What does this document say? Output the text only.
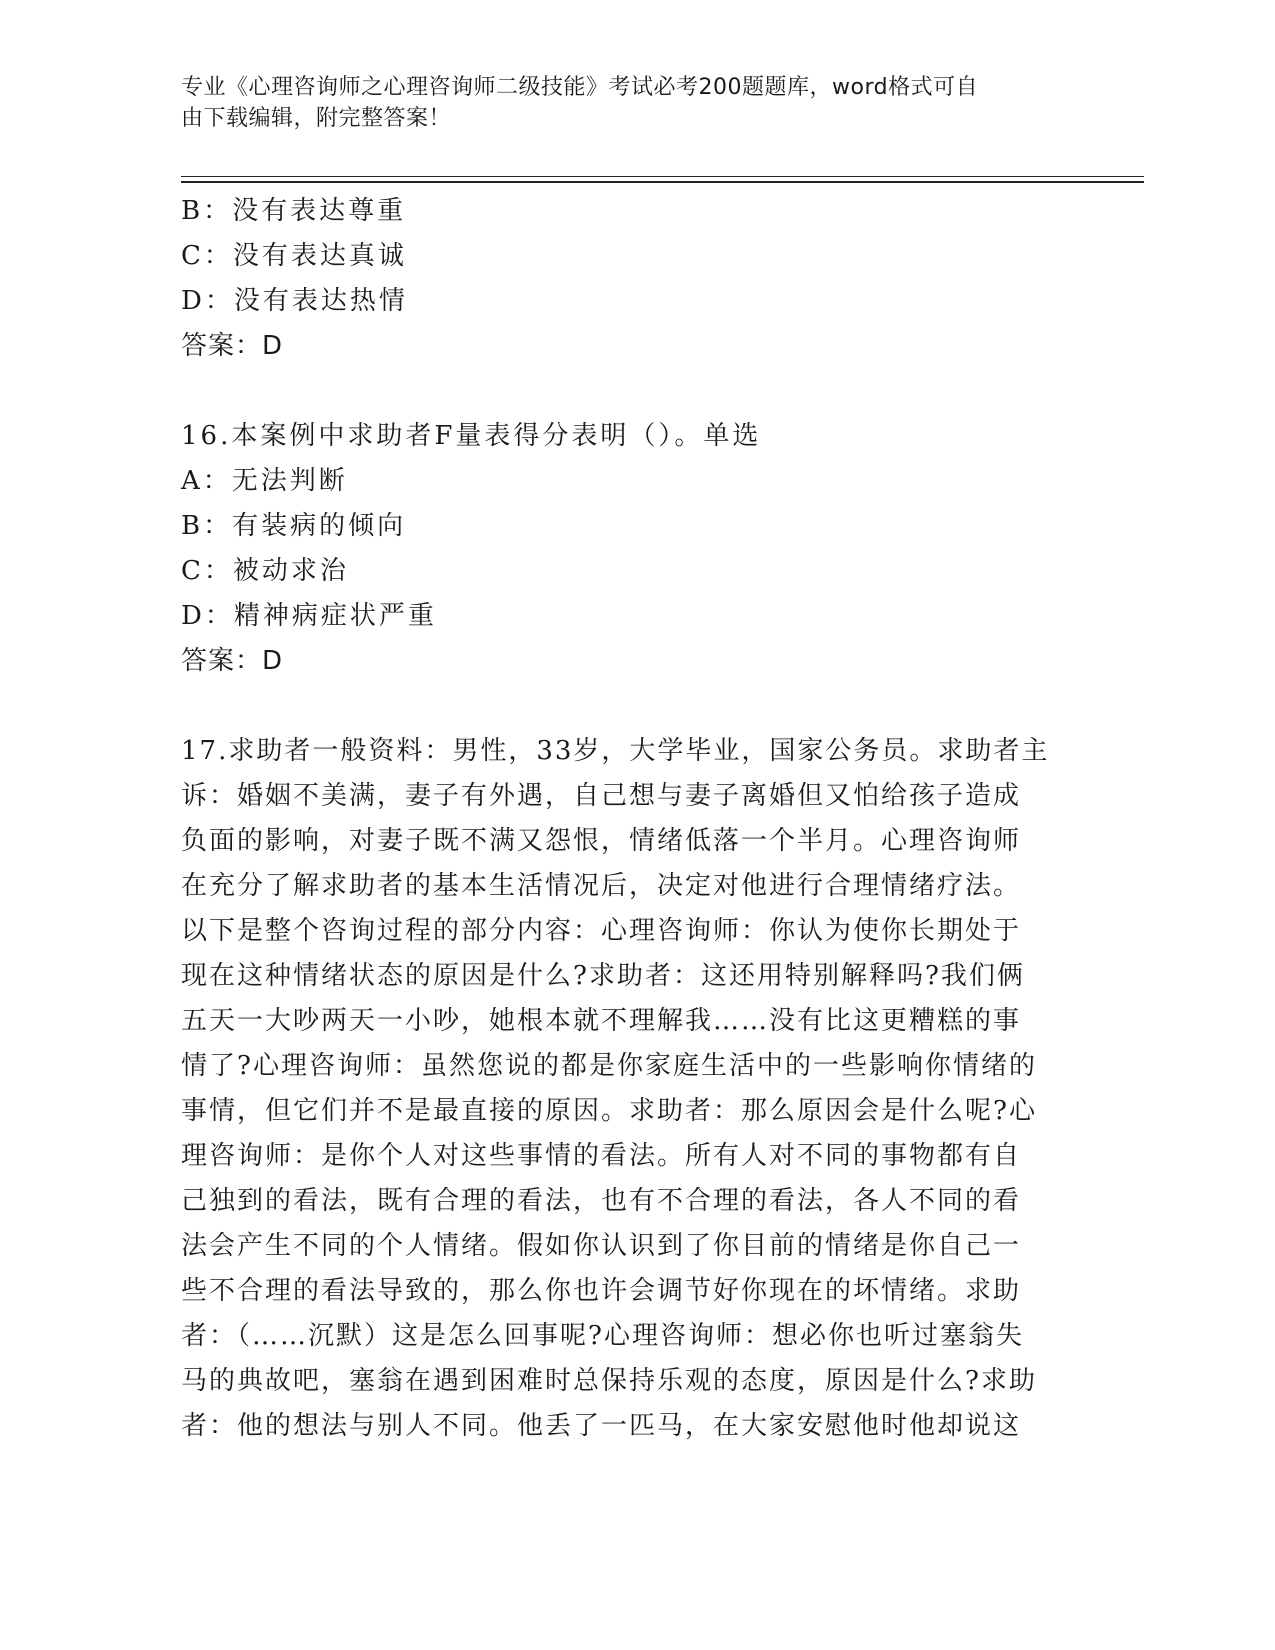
专业《心理咨询师之心理咨询师二级技能》考试必考200题题库，word格式可自
由下载编辑，附完整答案！
B：没有表达尊重
C：没有表达真诚
D：没有表达热情
答案：D
16.本案例中求助者F量表得分表明（）。单选
A：无法判断
B：有装病的倾向
C：被动求治
D：精神病症状严重
答案：D
17.求助者一般资料：男性，33岁，大学毕业，国家公务员。求助者主
诉：婚姻不美满，妻子有外遇，自己想与妻子离婚但又怕给孩子造成
负面的影响，对妻子既不满又怨恨，情绪低落一个半月。心理咨询师
在充分了解求助者的基本生活情况后，决定对他进行合理情绪疗法。
以下是整个咨询过程的部分内容：心理咨询师：你认为使你长期处于
现在这种情绪状态的原因是什么?求助者：这还用特别解释吗?我们俩
五天一大吵两天一小吵，她根本就不理解我……没有比这更糟糕的事
情了?心理咨询师：虽然您说的都是你家庭生活中的一些影响你情绪的
事情，但它们并不是最直接的原因。求助者：那么原因会是什么呢?心
理咨询师：是你个人对这些事情的看法。所有人对不同的事物都有自
己独到的看法，既有合理的看法，也有不合理的看法，各人不同的看
法会产生不同的个人情绪。假如你认识到了你目前的情绪是你自己一
些不合理的看法导致的，那么你也许会调节好你现在的坏情绪。求助
者：（……沉默）这是怎么回事呢?心理咨询师：想必你也听过塞翁失
马的典故吧，塞翁在遇到困难时总保持乐观的态度，原因是什么?求助
者：他的想法与别人不同。他丢了一匹马，在大家安慰他时他却说这
